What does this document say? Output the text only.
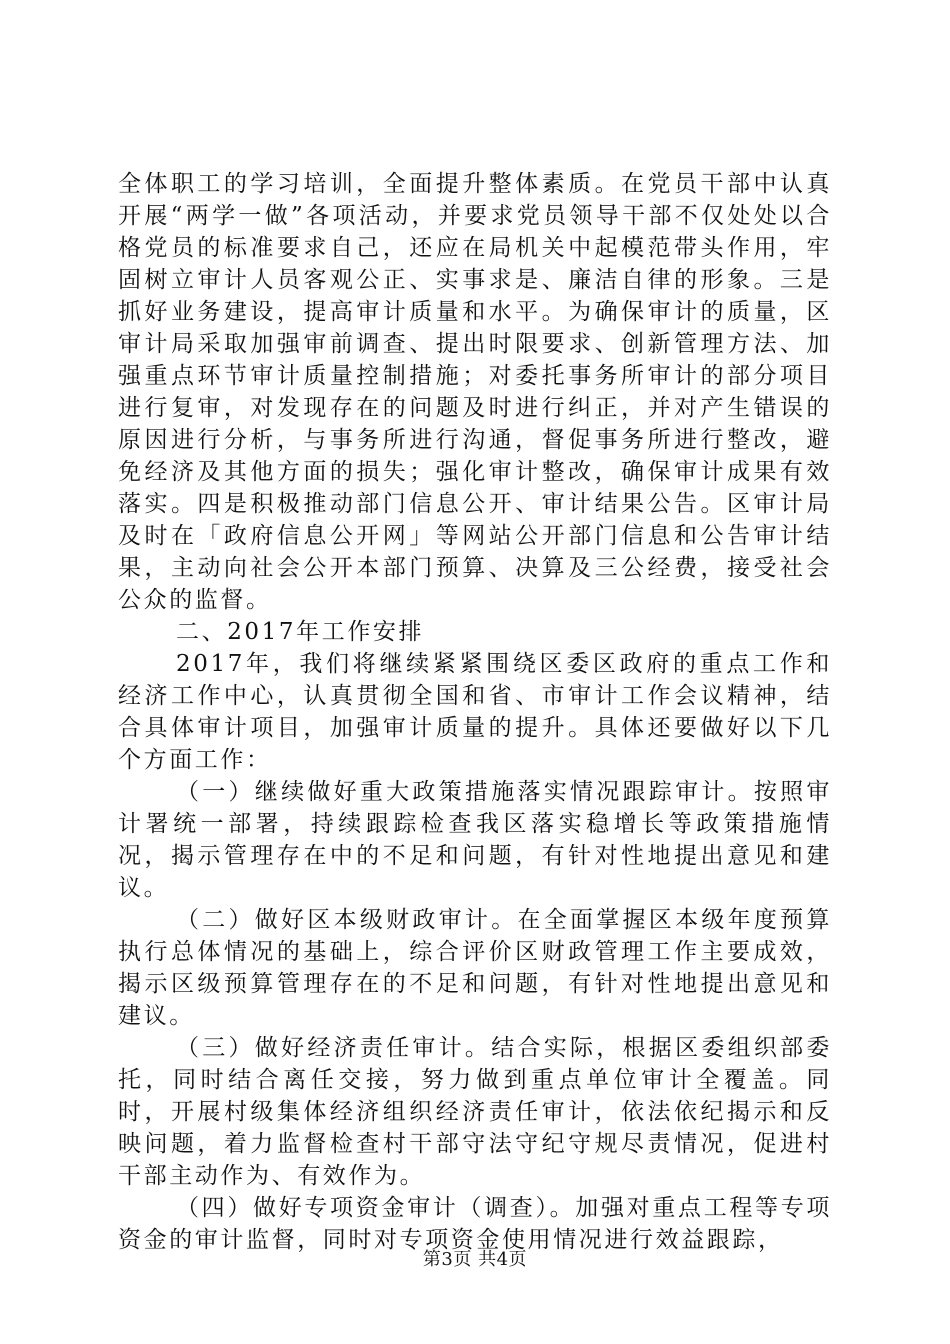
全体职工的学习培训，全面提升整体素质。在党员干部中认真开展“两学一做”各项活动，并要求党员领导干部不仅处处以合格党员的标准要求自己，还应在局机关中起模范带头作用，牢固树立审计人员客观公正、实事求是、廉洁自律的形象。三是抓好业务建设，提高审计质量和水平。为确保审计的质量，区审计局采取加强审前调查、提出时限要求、创新管理方法、加强重点环节审计质量控制措施；对委托事务所审计的部分项目进行复审，对发现存在的问题及时进行纠正，并对产生错误的原因进行分析，与事务所进行沟通，督促事务所进行整改，避免经济及其他方面的损失；强化审计整改，确保审计成果有效落实。四是积极推动部门信息公开、审计结果公告。区审计局及时在「政府信息公开网」等网站公开部门信息和公告审计结果，主动向社会公开本部门预算、决算及三公经费，接受社会公众的监督。

二、2017年工作安排

2017年，我们将继续紧紧围绕区委区政府的重点工作和经济工作中心，认真贯彻全国和省、市审计工作会议精神，结合具体审计项目，加强审计质量的提升。具体还要做好以下几个方面工作：

（一）继续做好重大政策措施落实情况跟踪审计。按照审计署统一部署，持续跟踪检查我区落实稳增长等政策措施情况，揭示管理存在中的不足和问题，有针对性地提出意见和建议。

（二）做好区本级财政审计。在全面掌握区本级年度预算执行总体情况的基础上，综合评价区财政管理工作主要成效，揭示区级预算管理存在的不足和问题，有针对性地提出意见和建议。

（三）做好经济责任审计。结合实际，根据区委组织部委托，同时结合离任交接，努力做到重点单位审计全覆盖。同时，开展村级集体经济组织经济责任审计，依法依纪揭示和反映问题，着力监督检查村干部守法守纪守规尽责情况，促进村干部主动作为、有效作为。

（四）做好专项资金审计（调查）。加强对重点工程等专项资金的审计监督，同时对专项资金使用情况进行效益跟踪，

第3页 共4页
